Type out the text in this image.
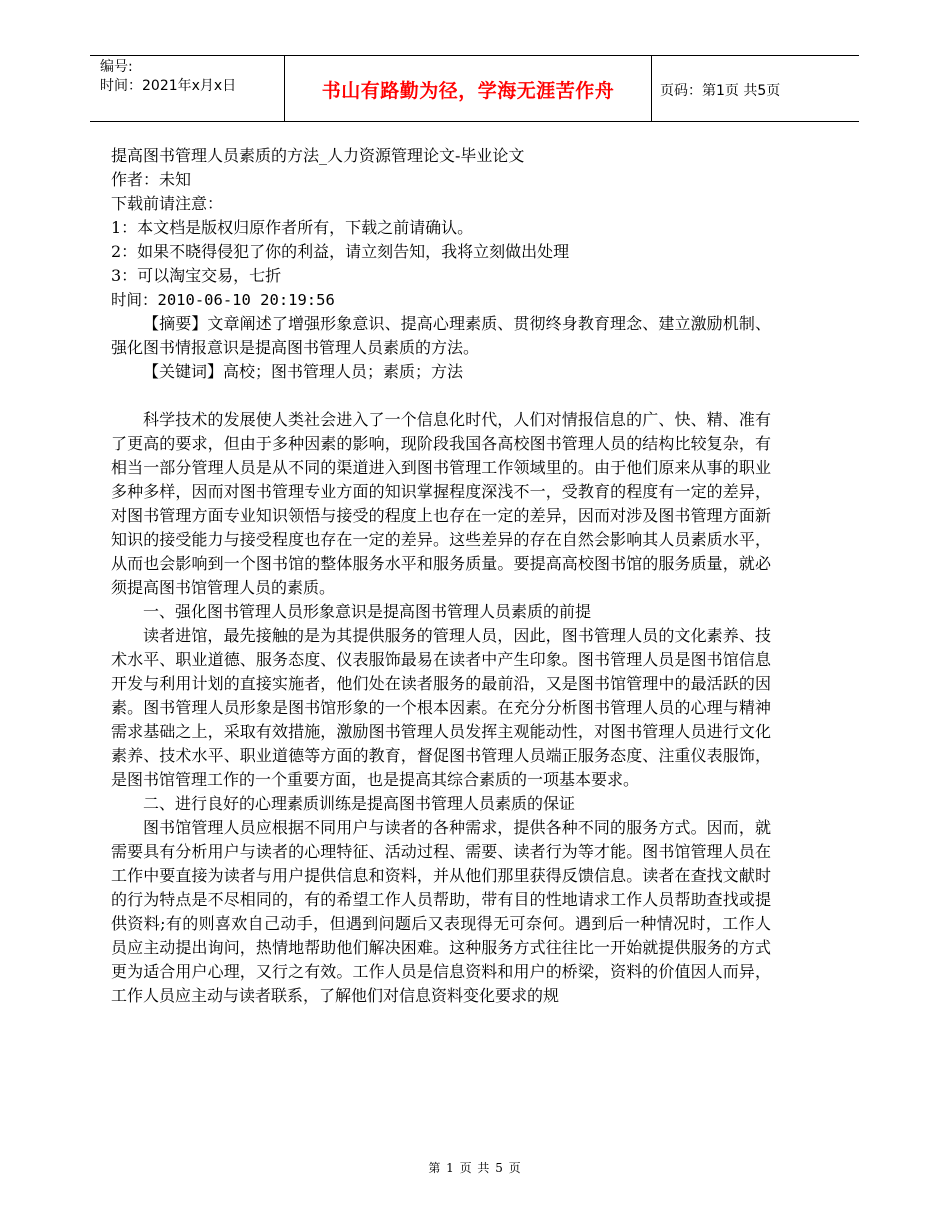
编号:
时间：2021年x月x日	书山有路勤为径，学海无涯苦作舟	页码：第1页 共5页
提高图书管理人员素质的方法_人力资源管理论文-毕业论文
作者：未知
下载前请注意：
1：本文档是版权归原作者所有，下载之前请确认。
2：如果不晓得侵犯了你的利益，请立刻告知，我将立刻做出处理
3：可以淘宝交易，七折
时间：2010-06-10 20:19:56

【摘要】文章阐述了增强形象意识、提高心理素质、贯彻终身教育理念、建立激励机制、强化图书情报意识是提高图书管理人员素质的方法。

【关键词】高校；图书管理人员；素质；方法

科学技术的发展使人类社会进入了一个信息化时代，人们对情报信息的广、快、精、准有了更高的要求，但由于多种因素的影响，现阶段我国各高校图书管理人员的结构比较复杂，有相当一部分管理人员是从不同的渠道进入到图书管理工作领域里的。由于他们原来从事的职业多种多样，因而对图书管理专业方面的知识掌握程度深浅不一，受教育的程度有一定的差异，对图书管理方面专业知识领悟与接受的程度上也存在一定的差异，因而对涉及图书管理方面新知识的接受能力与接受程度也存在一定的差异。这些差异的存在自然会影响其人员素质水平，从而也会影响到一个图书馆的整体服务水平和服务质量。要提高高校图书馆的服务质量，就必须提高图书馆管理人员的素质。

一、强化图书管理人员形象意识是提高图书管理人员素质的前提

读者进馆，最先接触的是为其提供服务的管理人员，因此，图书管理人员的文化素养、技术水平、职业道德、服务态度、仪表服饰最易在读者中产生印象。图书管理人员是图书馆信息开发与利用计划的直接实施者，他们处在读者服务的最前沿，又是图书馆管理中的最活跃的因素。图书管理人员形象是图书馆形象的一个根本因素。在充分分析图书管理人员的心理与精神需求基础之上，采取有效措施，激励图书管理人员发挥主观能动性，对图书管理人员进行文化素养、技术水平、职业道德等方面的教育，督促图书管理人员端正服务态度、注重仪表服饰，是图书馆管理工作的一个重要方面，也是提高其综合素质的一项基本要求。

二、进行良好的心理素质训练是提高图书管理人员素质的保证

图书馆管理人员应根据不同用户与读者的各种需求，提供各种不同的服务方式。因而，就需要具有分析用户与读者的心理特征、活动过程、需要、读者行为等才能。图书馆管理人员在工作中要直接为读者与用户提供信息和资料，并从他们那里获得反馈信息。读者在查找文献时的行为特点是不尽相同的，有的希望工作人员帮助，带有目的性地请求工作人员帮助查找或提供资料;有的则喜欢自己动手，但遇到问题后又表现得无可奈何。遇到后一种情况时，工作人员应主动提出询问，热情地帮助他们解决困难。这种服务方式往往比一开始就提供服务的方式更为适合用户心理，又行之有效。工作人员是信息资料和用户的桥梁，资料的价值因人而异，工作人员应主动与读者联系，了解他们对信息资料变化要求的规

第 1 页 共 5 页
